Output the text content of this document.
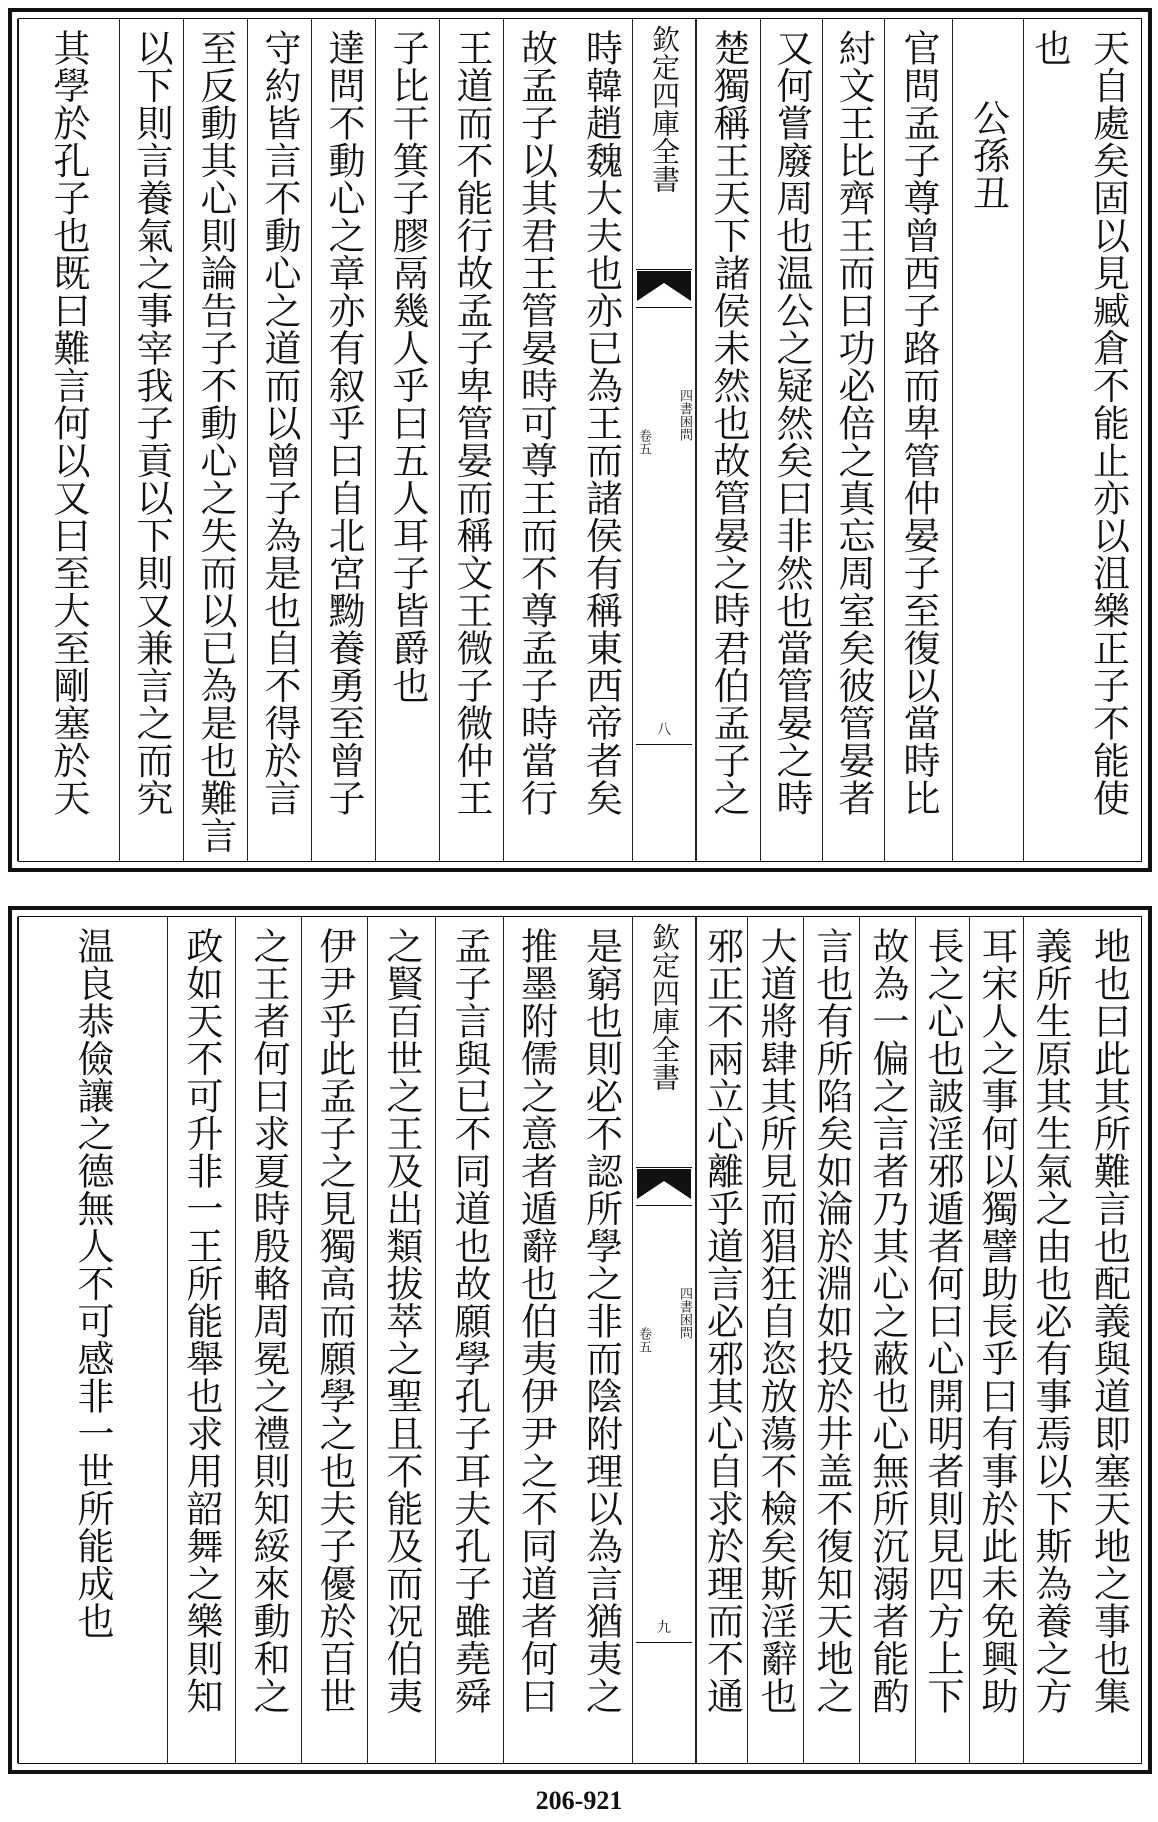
天自處矣固以見臧倉不能止亦以沮樂正子不能使
也
公孫丑
官問孟子尊曾西子路而卑管仲晏子至復以當時比
紂文王比齊王而曰功必倍之真忘周室矣彼管晏者
又何嘗廢周也温公之疑然矣曰非然也當管晏之時
楚獨稱王天下諸侯未然也故管晏之時君伯孟子之
欽定四庫全書
四書困問
卷五
八
時韓趙魏大夫也亦已為王而諸侯有稱東西帝者矣
故孟子以其君王管晏時可尊王而不尊孟子時當行
王道而不能行故孟子卑管晏而稱文王微子微仲王
子比干箕子膠鬲幾人乎曰五人耳子皆爵也
達問不動心之章亦有叙乎曰自北宮黝養勇至曾子
守約皆言不動心之道而以曾子為是也自不得於言
至反動其心則論告子不動心之失而以已為是也難言
以下則言養氣之事宰我子貢以下則又兼言之而究
其學於孔子也既曰難言何以又曰至大至剛塞於天
地也曰此其所難言也配義與道即塞天地之事也集
義所生原其生氣之由也必有事焉以下斯為養之方
耳宋人之事何以獨譬助長乎曰有事於此未免興助
長之心也詖淫邪遁者何曰心開明者則見四方上下
故為一偏之言者乃其心之蔽也心無所沉溺者能酌
言也有所陷矣如淪於淵如投於井盖不復知天地之
大道將肆其所見而猖狂自恣放蕩不檢矣斯淫辭也
邪正不兩立心離乎道言必邪其心自求於理而不通
欽定四庫全書
四書困問
卷五
九
是窮也則必不認所學之非而陰附理以為言猶夷之
推墨附儒之意者遁辭也伯夷伊尹之不同道者何曰
孟子言與已不同道也故願學孔子耳夫孔子雖堯舜
之賢百世之王及出類拔萃之聖且不能及而况伯夷
伊尹乎此孟子之見獨高而願學之也夫子優於百世
之王者何曰求夏時殷輅周冕之禮則知綏來動和之
政如天不可升非一王所能舉也求用韶舞之樂則知
温良恭儉讓之德無人不可感非一世所能成也
206-921
